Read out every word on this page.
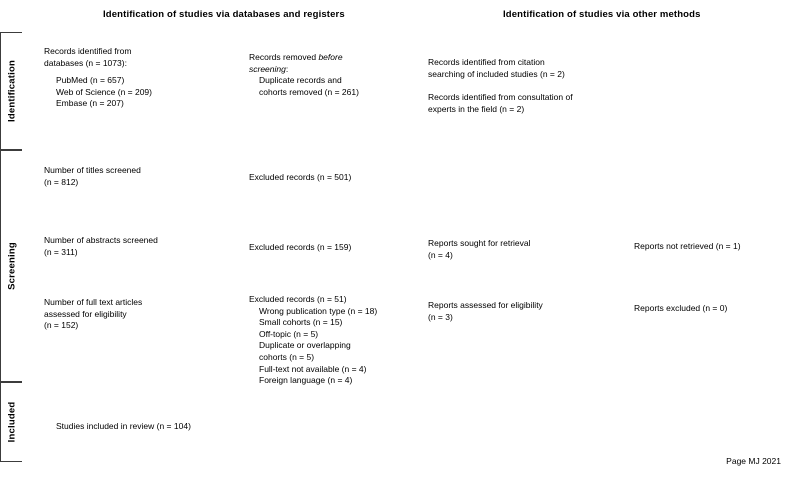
Identification of studies via databases and registers	Identification of studies via other methods
Identification
Screening
Included
Records identified from
databases (n = 1073):
PubMed (n = 657)
Web of Science (n = 209)
Embase (n = 207)
Number of titles screened
(n = 812)
Number of abstracts screened
(n = 311)
Number of full text articles
assessed for eligibility
(n = 152)
Studies included in review (n = 104)
Records removed before
screening:
Duplicate records and
cohorts removed (n = 261)
Excluded records (n = 501)
Excluded records (n = 159)
Excluded records (n = 51)
Wrong publication type (n = 18)
Small cohorts (n = 15)
Off-topic (n = 5)
Duplicate or overlapping
cohorts (n = 5)
Full-text not available (n = 4)
Foreign language (n = 4)
Records identified from citation
searching of included studies (n = 2)
Records identified from consultation of
experts in the field (n = 2)
Reports sought for retrieval
(n = 4)
Reports assessed for eligibility
(n = 3)
Reports not retrieved (n = 1)
Reports excluded (n = 0)
Page MJ 2021
